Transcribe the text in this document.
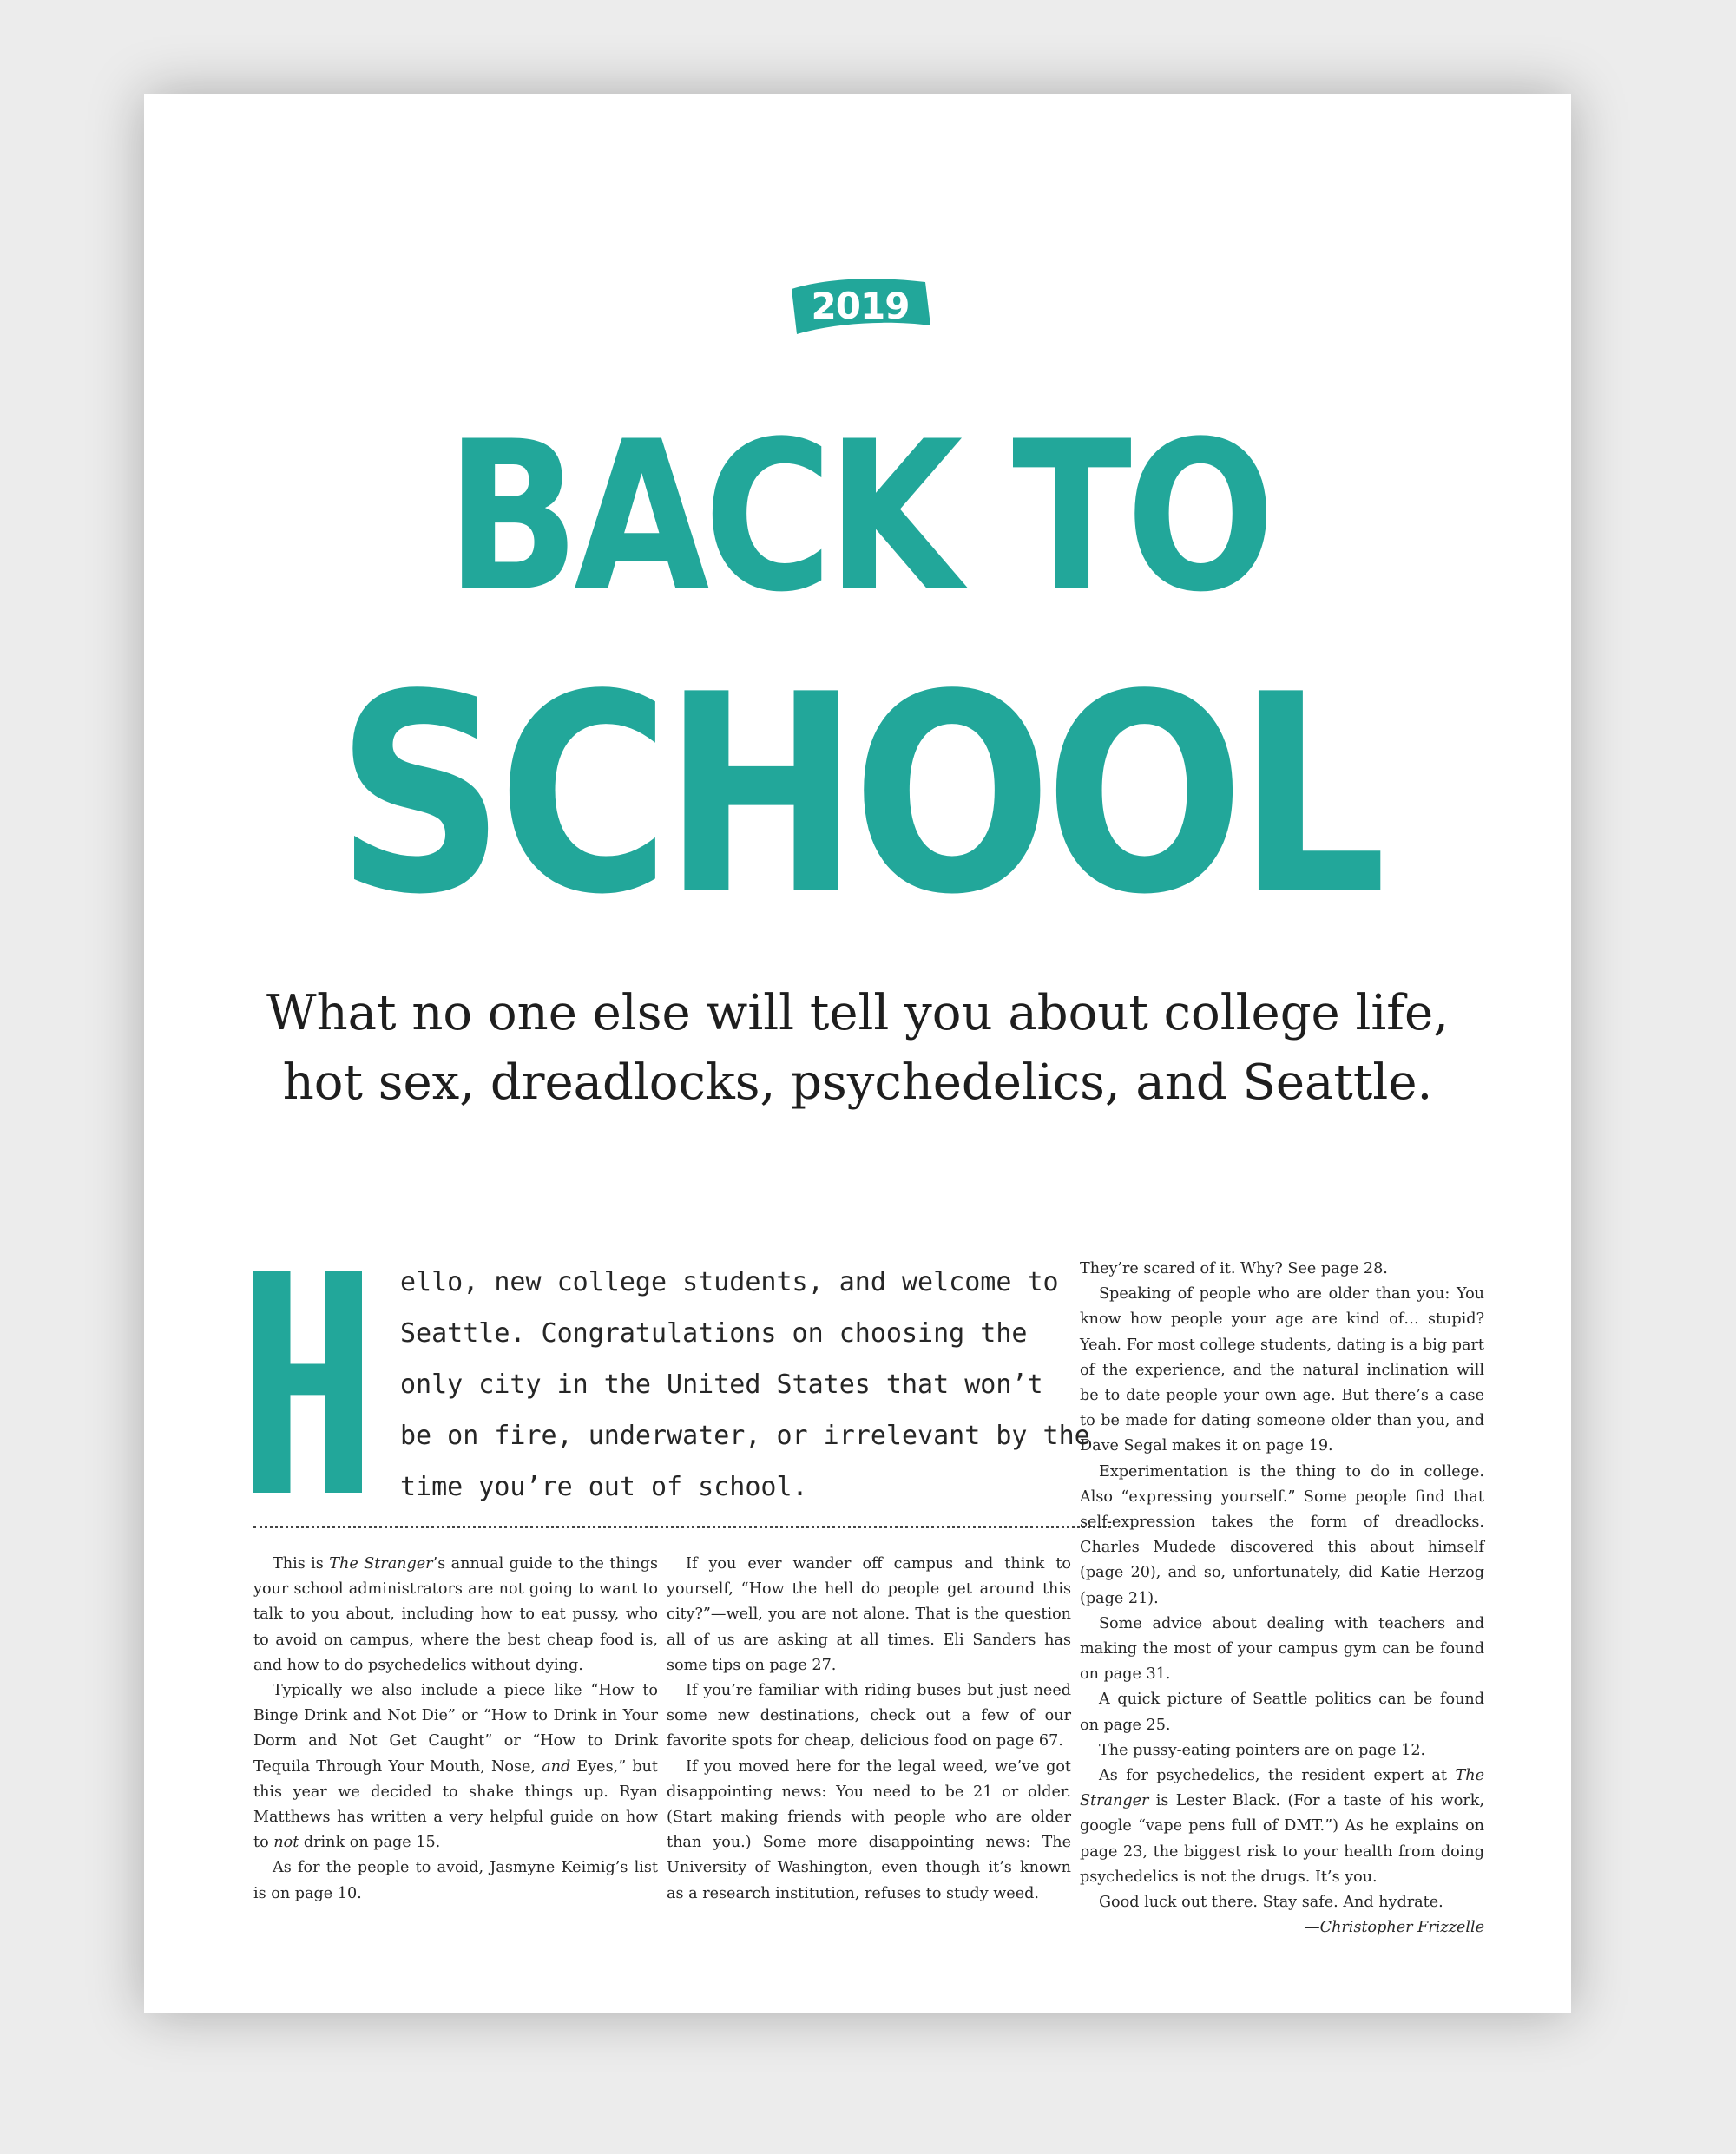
2019
BACK TO
SCHOOL
What no one else will tell you about college life,
hot sex, dreadlocks, psychedelics, and Seattle.
ello, new college students, and welcome to
Seattle. Congratulations on choosing the
only city in the United States that won’t
be on fire, underwater, or irrelevant by the
time you’re out of school.

This is The Stranger’s annual guide to the things your school administrators are not going to want to talk to you about, including how to eat pussy, who to avoid on campus, where the best cheap food is, and how to do psychedelics without dying.

Typically we also include a piece like “How to Binge Drink and Not Die” or “How to Drink in Your Dorm and Not Get Caught” or “How to Drink Tequila Through Your Mouth, Nose, and Eyes,” but this year we decided to shake things up. Ryan Matthews has written a very helpful guide on how to not drink on page 15.

As for the people to avoid, Jasmyne Keimig’s list is on page 10.

If you ever wander off campus and think to yourself, “How the hell do people get around this city?”—well, you are not alone. That is the question all of us are asking at all times. Eli Sanders has some tips on page 27.

If you’re familiar with riding buses but just need some new destinations, check out a few of our favorite spots for cheap, delicious food on page 67.

If you moved here for the legal weed, we’ve got disappointing news: You need to be 21 or older. (Start making friends with people who are older than you.) Some more disappointing news: The University of Washington, even though it’s known as a research institution, refuses to study weed.

They’re scared of it. Why? See page 28.

Speaking of people who are older than you: You know how people your age are kind of… stupid? Yeah. For most college students, dating is a big part of the experience, and the natural inclination will be to date people your own age. But there’s a case to be made for dating someone older than you, and Dave Segal makes it on page 19.

Experimentation is the thing to do in college. Also “expressing yourself.” Some people find that self-expression takes the form of dreadlocks. Charles Mudede discovered this about himself (page 20), and so, unfortunately, did Katie Herzog (page 21).

Some advice about dealing with teachers and making the most of your campus gym can be found on page 31.

A quick picture of Seattle politics can be found on page 25.

The pussy-eating pointers are on page 12.

As for psychedelics, the resident expert at The Stranger is Lester Black. (For a taste of his work, google “vape pens full of DMT.”) As he explains on page 23, the biggest risk to your health from doing psychedelics is not the drugs. It’s you.

Good luck out there. Stay safe. And hydrate.

—Christopher Frizzelle
